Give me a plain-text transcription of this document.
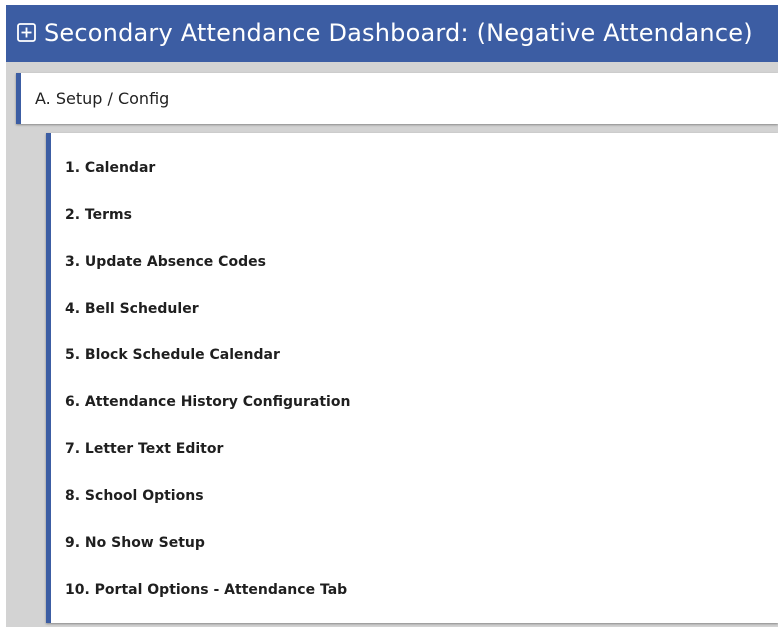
Secondary Attendance Dashboard: (Negative Attendance)
A. Setup / Config
1. Calendar
2. Terms
3. Update Absence Codes
4. Bell Scheduler
5. Block Schedule Calendar
6. Attendance History Configuration
7. Letter Text Editor
8. School Options
9. No Show Setup
10. Portal Options - Attendance Tab
